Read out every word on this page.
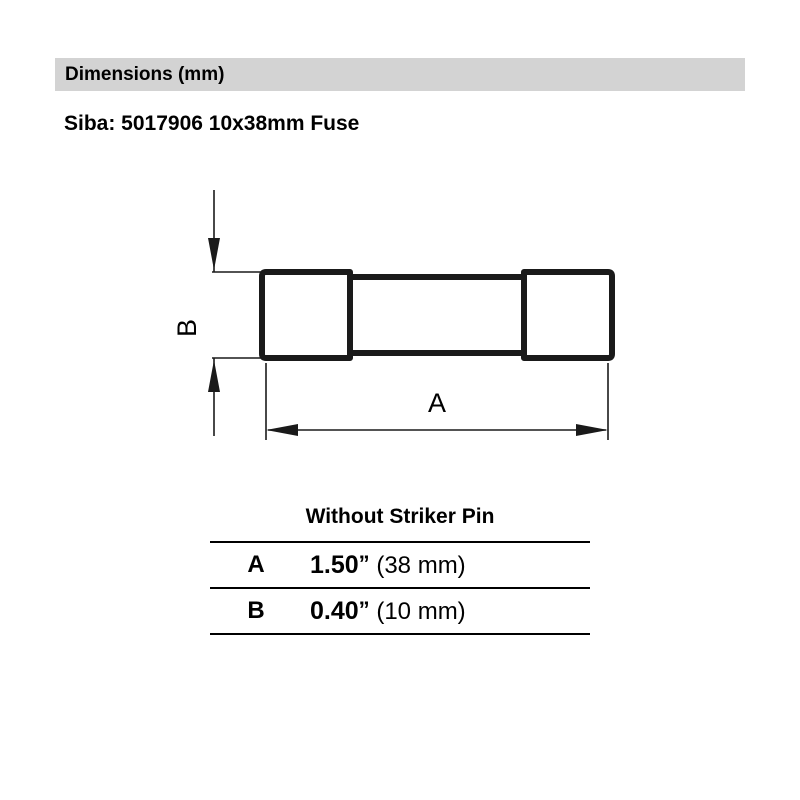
Dimensions (mm)
Siba: 5017906 10x38mm Fuse
B
A
Without Striker Pin
A	1.50” (38 mm)
B	0.40” (10 mm)
